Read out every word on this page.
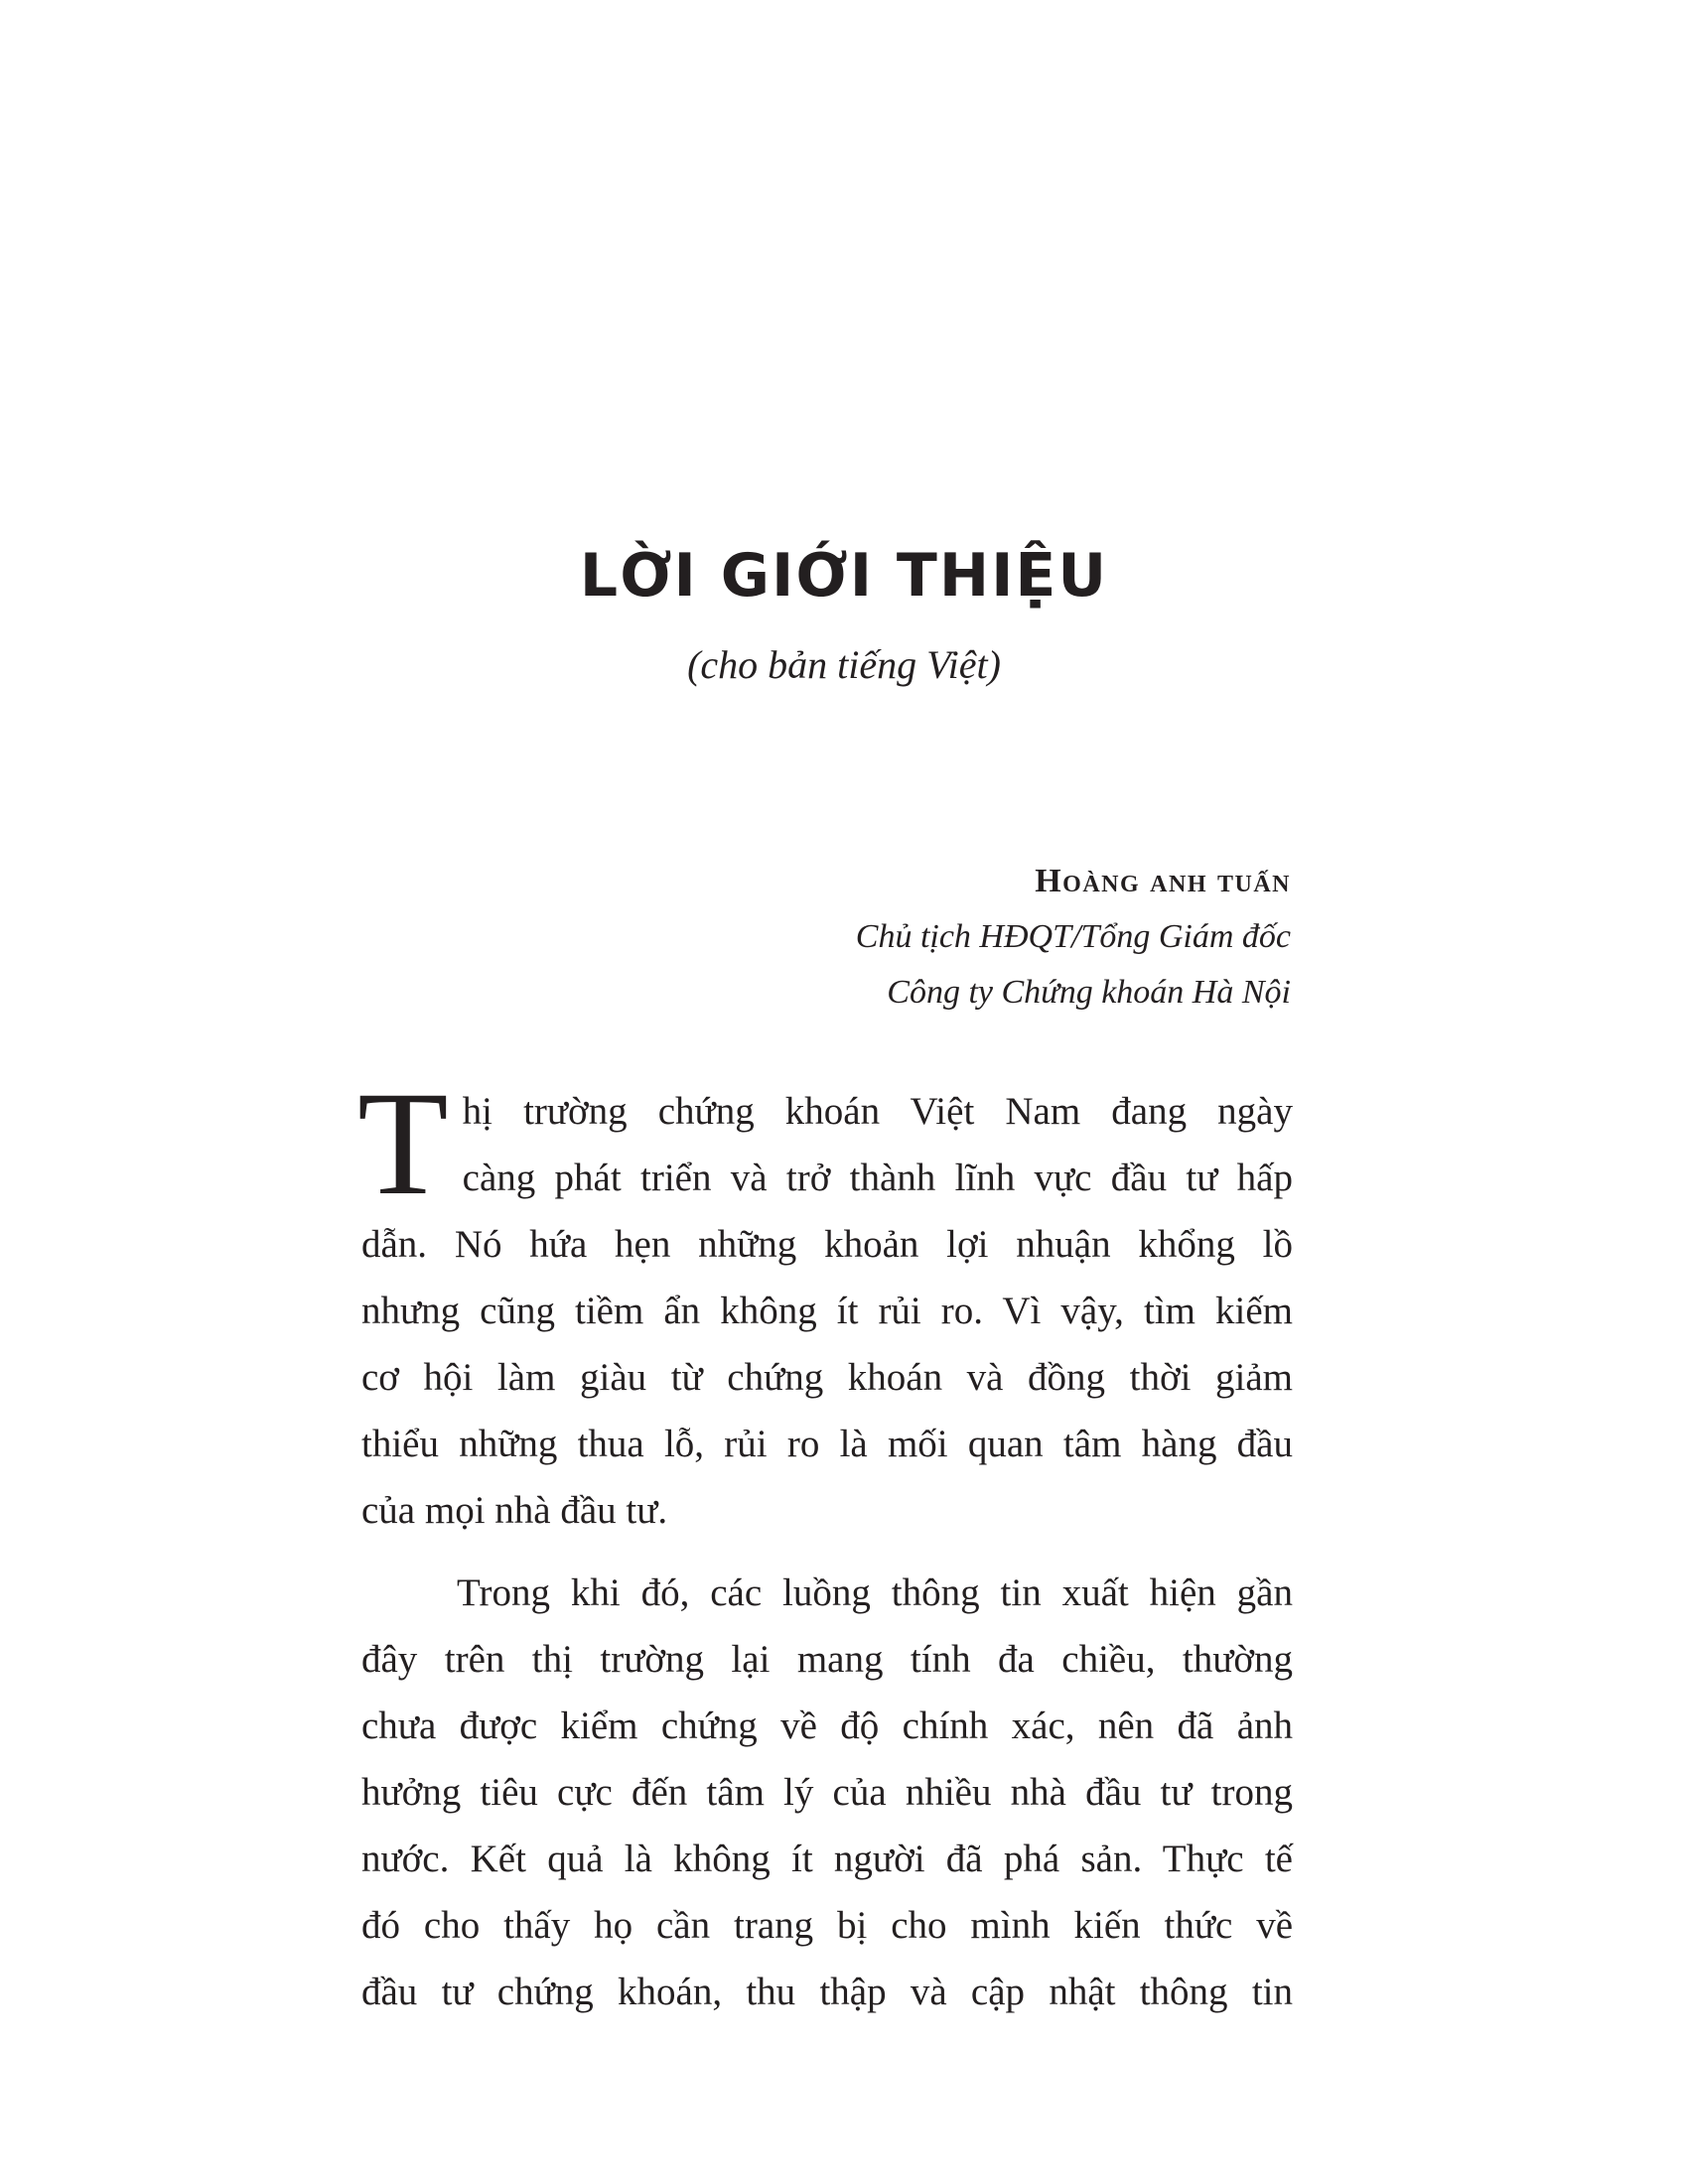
LỜI GIỚI THIỆU

(cho bản tiếng Việt)

Hoàng anh tuấn

Chủ tịch HĐQT/Tổng Giám đốc

Công ty Chứng khoán Hà Nội

T hị trường chứng khoán Việt Nam đang ngày
càng phát triển và trở thành lĩnh vực đầu tư hấp
dẫn. Nó hứa hẹn những khoản lợi nhuận khổng lồ
nhưng cũng tiềm ẩn không ít rủi ro. Vì vậy, tìm kiếm
cơ hội làm giàu từ chứng khoán và đồng thời giảm
thiểu những thua lỗ, rủi ro là mối quan tâm hàng đầu
của mọi nhà đầu tư.
Trong khi đó, các luồng thông tin xuất hiện gần
đây trên thị trường lại mang tính đa chiều, thường
chưa được kiểm chứng về độ chính xác, nên đã ảnh
hưởng tiêu cực đến tâm lý của nhiều nhà đầu tư trong
nước. Kết quả là không ít người đã phá sản. Thực tế
đó cho thấy họ cần trang bị cho mình kiến thức về
đầu tư chứng khoán, thu thập và cập nhật thông tin
